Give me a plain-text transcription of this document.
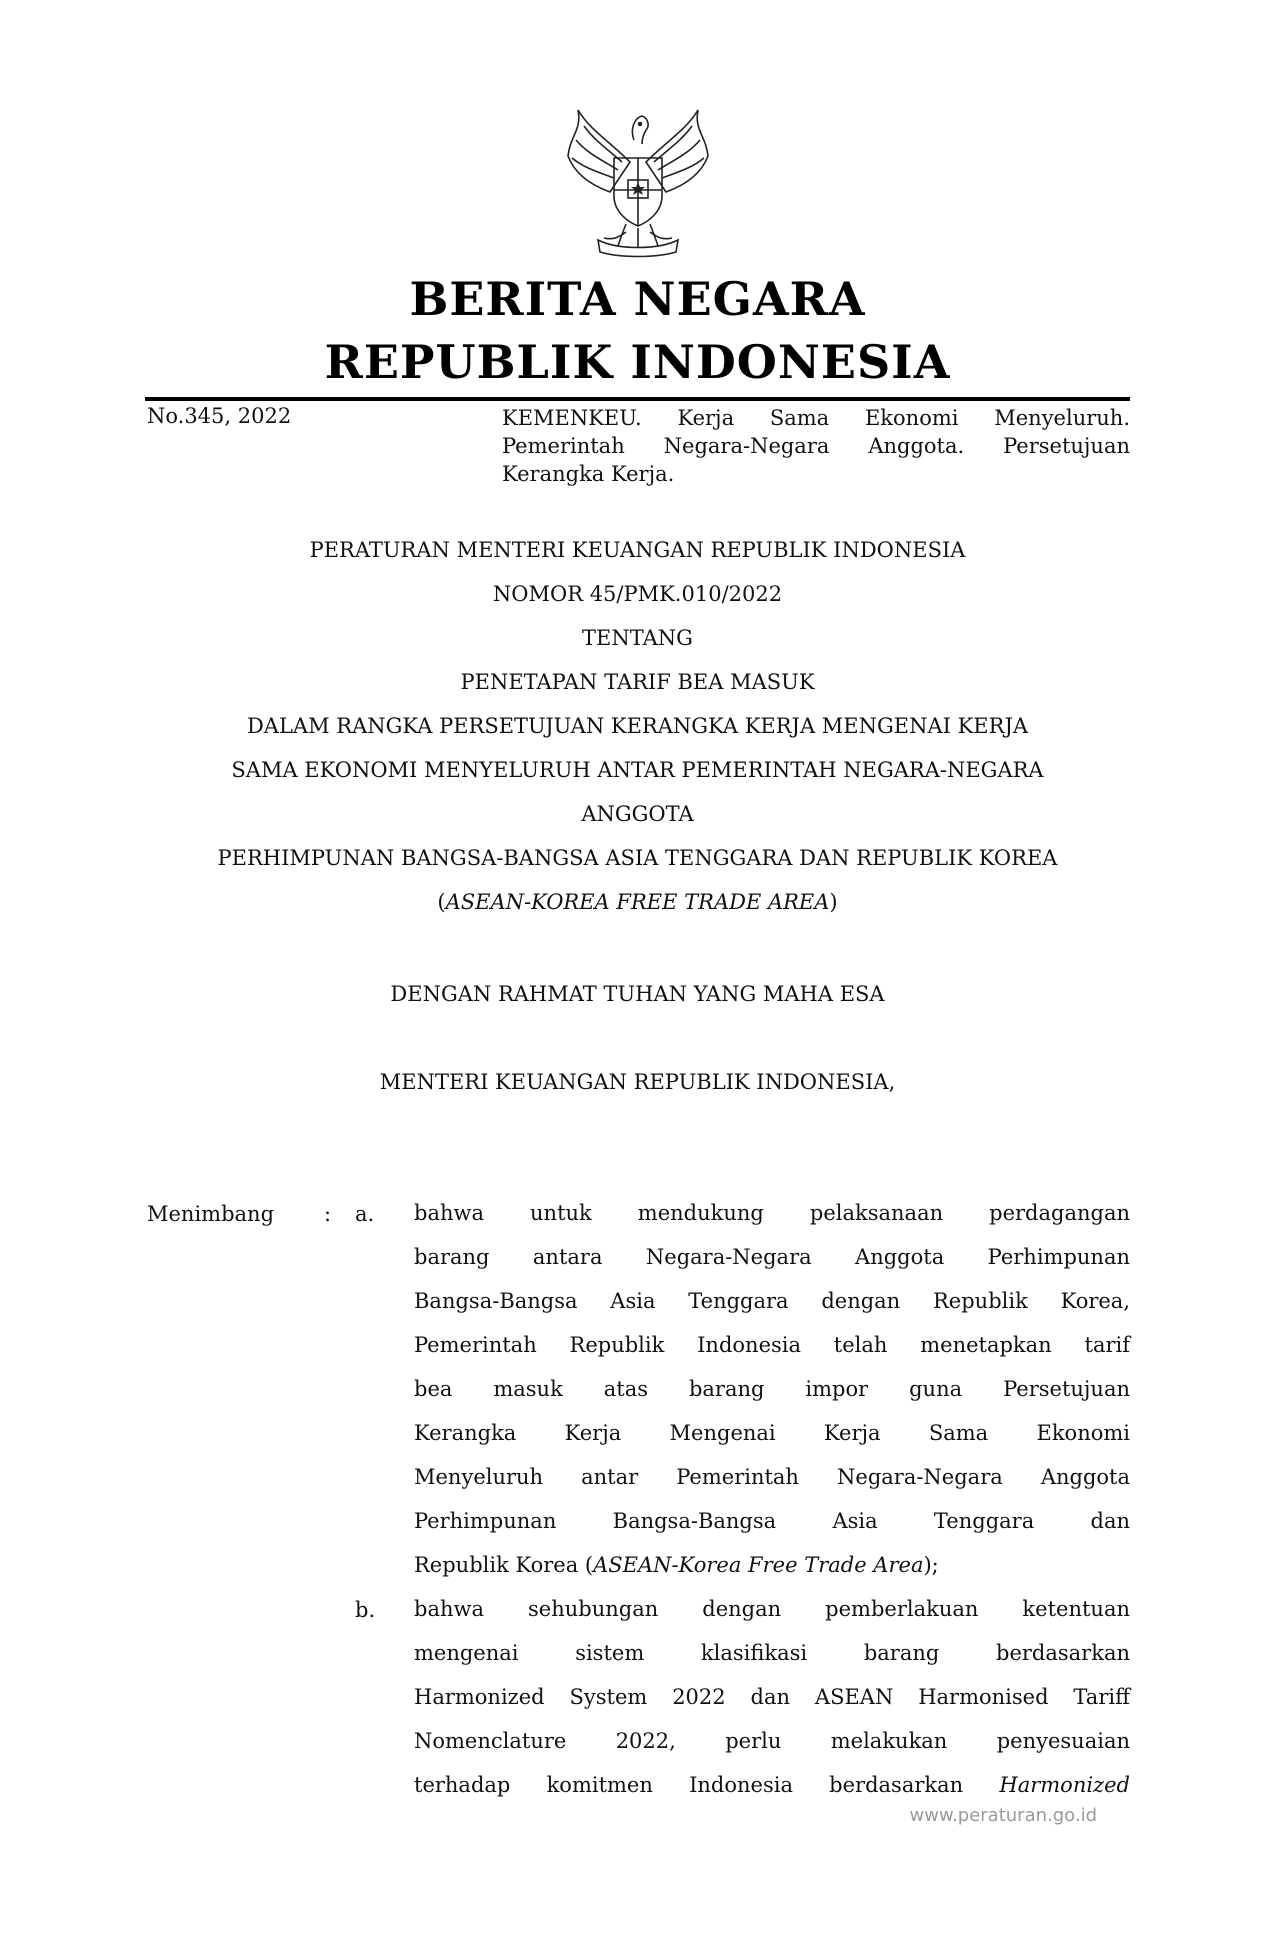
BERITA NEGARA
REPUBLIK INDONESIA
No.345, 2022	KEMENKEU. Kerja Sama Ekonomi Menyeluruh.
Pemerintah Negara-Negara Anggota. Persetujuan
Kerangka Kerja.
PERATURAN MENTERI KEUANGAN REPUBLIK INDONESIA
NOMOR 45/PMK.010/2022
TENTANG
PENETAPAN TARIF BEA MASUK
DALAM RANGKA PERSETUJUAN KERANGKA KERJA MENGENAI KERJA
SAMA EKONOMI MENYELURUH ANTAR PEMERINTAH NEGARA-NEGARA
ANGGOTA
PERHIMPUNAN BANGSA-BANGSA ASIA TENGGARA DAN REPUBLIK KOREA
(ASEAN-KOREA FREE TRADE AREA)
DENGAN RAHMAT TUHAN YANG MAHA ESA
MENTERI KEUANGAN REPUBLIK INDONESIA,
Menimbang : a. bahwa untuk mendukung pelaksanaan perdagangan
barang antara Negara-Negara Anggota Perhimpunan
Bangsa-Bangsa Asia Tenggara dengan Republik Korea,
Pemerintah Republik Indonesia telah menetapkan tarif
bea masuk atas barang impor guna Persetujuan
Kerangka Kerja Mengenai Kerja Sama Ekonomi
Menyeluruh antar Pemerintah Negara-Negara Anggota
Perhimpunan Bangsa-Bangsa Asia Tenggara dan
Republik Korea (ASEAN-Korea Free Trade Area);
b. bahwa sehubungan dengan pemberlakuan ketentuan
mengenai sistem klasifikasi barang berdasarkan
Harmonized System 2022 dan ASEAN Harmonised Tariff
Nomenclature 2022, perlu melakukan penyesuaian
terhadap komitmen Indonesia berdasarkan Harmonized
www.peraturan.go.id
